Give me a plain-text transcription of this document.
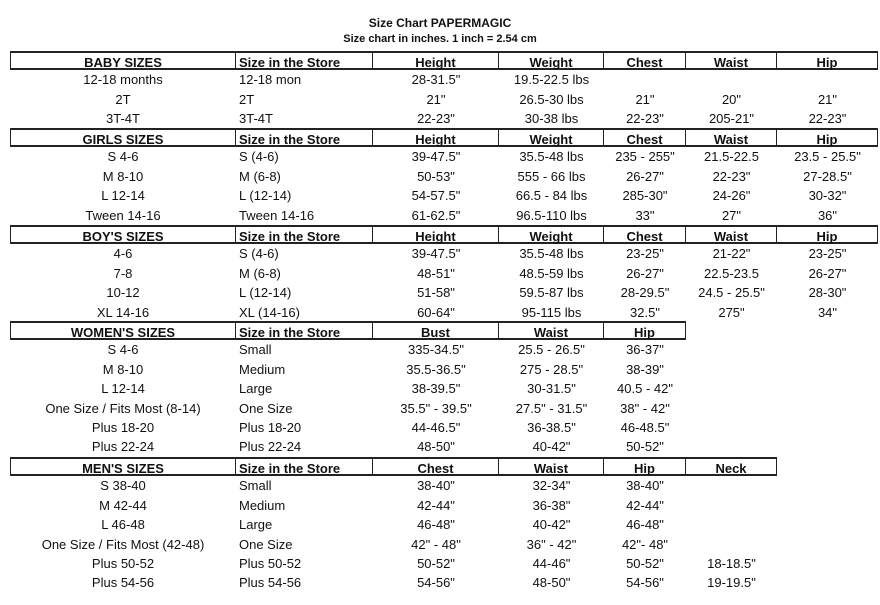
Size Chart PAPERMAGIC
Size chart in inches. 1 inch = 2.54 cm
BABY SIZES	Size in the Store	Height	Weight	Chest	Waist	Hip
12-18 months	12-18 mon	28-31.5"	19.5-22.5 lbs
2T	2T	21"	26.5-30 lbs	21"	20"	21"
3T-4T	3T-4T	22-23"	30-38 lbs	22-23"	205-21"	22-23"
GIRLS SIZES	Size in the Store	Height	Weight	Chest	Waist	Hip
S 4-6	S (4-6)	39-47.5"	35.5-48 lbs	235 - 255"	21.5-22.5	23.5 - 25.5"
M 8-10	M (6-8)	50-53"	555 - 66 lbs	26-27"	22-23"	27-28.5"
L 12-14	L (12-14)	54-57.5"	66.5 - 84 lbs	285-30"	24-26"	30-32"
Tween 14-16	Tween 14-16	61-62.5"	96.5-110 lbs	33"	27"	36"
BOY'S SIZES	Size in the Store	Height	Weight	Chest	Waist	Hip
4-6	S (4-6)	39-47.5"	35.5-48 lbs	23-25"	21-22"	23-25"
7-8	M (6-8)	48-51"	48.5-59 lbs	26-27"	22.5-23.5	26-27"
10-12	L (12-14)	51-58"	59.5-87 lbs	28-29.5"	24.5 - 25.5"	28-30"
XL 14-16	XL (14-16)	60-64"	95-115 lbs	32.5"	275"	34"
WOMEN'S SIZES	Size in the Store	Bust	Waist	Hip
S 4-6	Small	335-34.5"	25.5 - 26.5"	36-37"
M 8-10	Medium	35.5-36.5"	275 - 28.5"	38-39"
L 12-14	Large	38-39.5"	30-31.5"	40.5 - 42"
One Size / Fits Most (8-14)	One Size	35.5" - 39.5"	27.5" - 31.5"	38" - 42"
Plus 18-20	Plus 18-20	44-46.5"	36-38.5"	46-48.5"
Plus 22-24	Plus 22-24	48-50"	40-42"	50-52"
MEN'S SIZES	Size in the Store	Chest	Waist	Hip	Neck
S 38-40	Small	38-40"	32-34"	38-40"
M 42-44	Medium	42-44"	36-38"	42-44"
L 46-48	Large	46-48"	40-42"	46-48"
One Size / Fits Most (42-48)	One Size	42" - 48"	36" - 42"	42"- 48"
Plus 50-52	Plus 50-52	50-52"	44-46"	50-52"	18-18.5"
Plus 54-56	Plus 54-56	54-56"	48-50"	54-56"	19-19.5"
